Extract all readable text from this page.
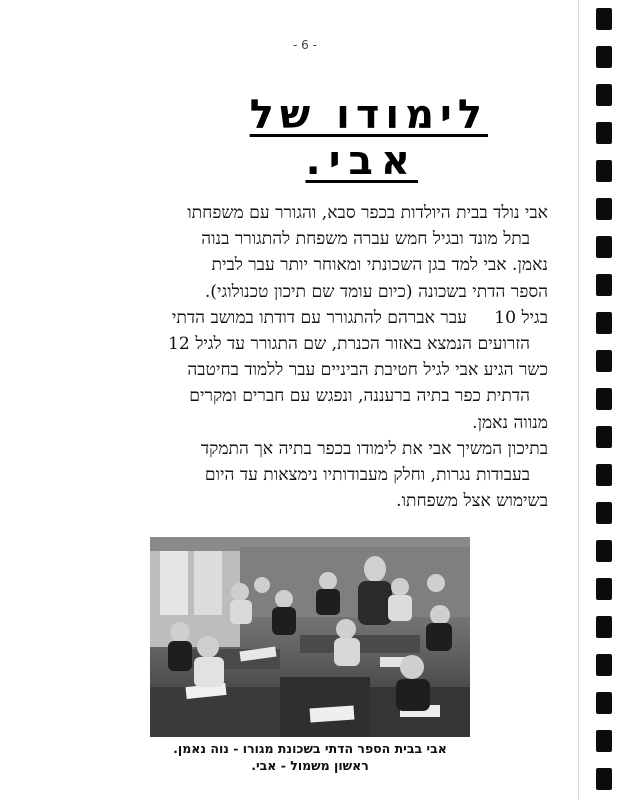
- 6 -
לימודו של
אבי.
אבי נולד בבית היולדות בכפר סבא, והגורר עם משפחתו
בתל מונד ובגיל חמש עברה משפחת להתגורר בנוה
נאמן. אבי למד בגן השכונתי ומאוחר יותר עבר לבית
הספר הדתי בשכונה (כיום עומד שם תיכון טכנולוגי).
בגיל 10     עבר אברהם להתגורר עם דודתו במושב הדתי
הזרועים הנמצא באזור הכנרת, שם התגורר עד לגיל 12
כשר הגיע אבי לגיל חטיבת הביניים עבר ללמוד בחיטבה
הדתית כפר בתיה ברעננה, ונפגש עם חברים ומקרים
מנווה נאמן.
בתיכון המשיך אבי את לימודו בכפר בתיה אך התמקד
בעבודות נגרות, וחלק מעבודותיו נימצאות עד היום
בשימוש אצל משפחתו.
אבי בבית הספר הדתי בשכונת מגורו - נוה נאמן.
ראשון משמול - אבי.
